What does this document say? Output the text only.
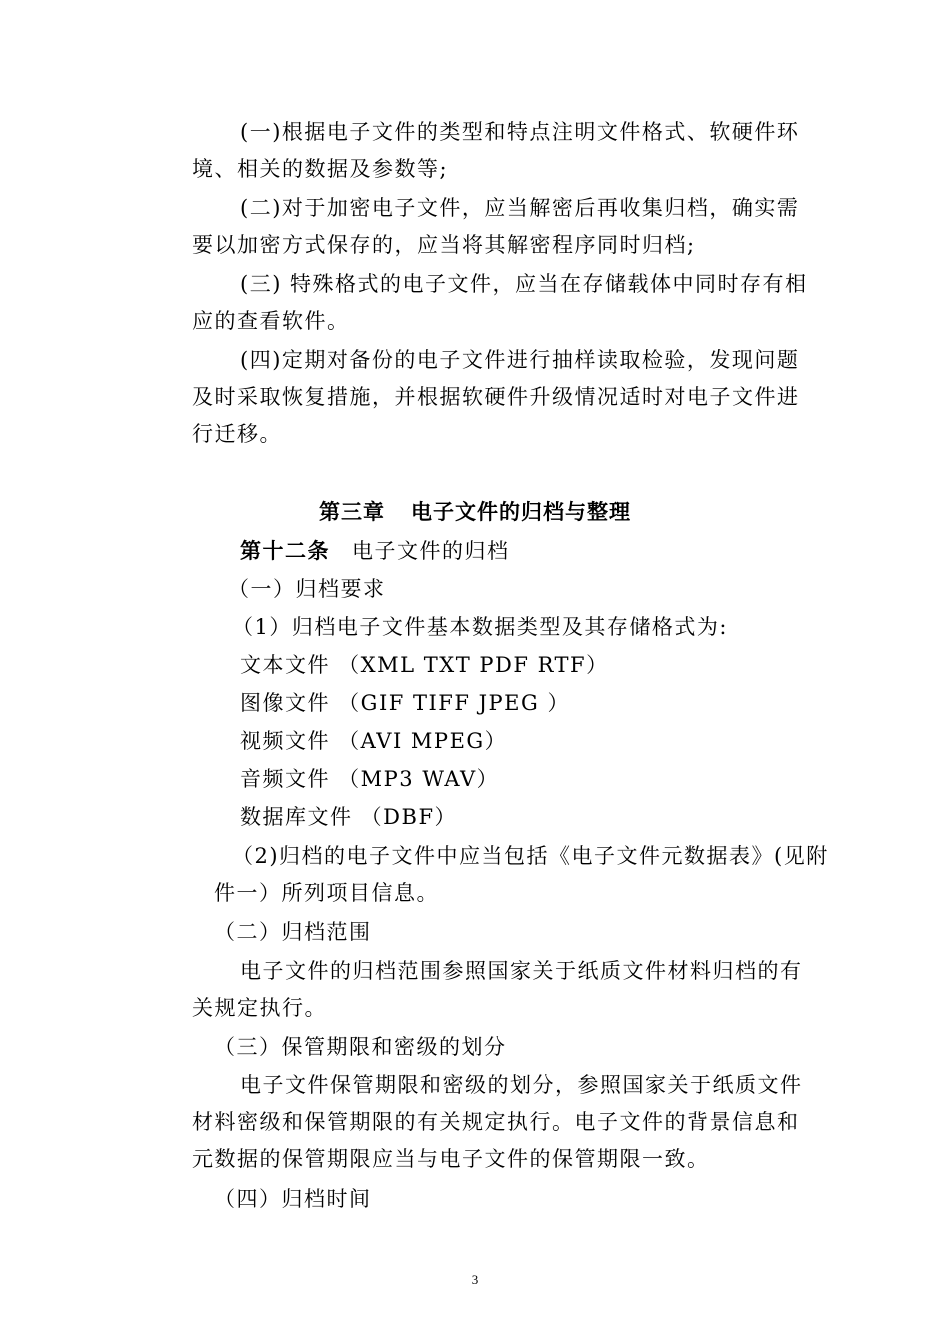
(一)根据电子文件的类型和特点注明文件格式、软硬件环
境、相关的数据及参数等;
(二)对于加密电子文件，应当解密后再收集归档，确实需
要以加密方式保存的，应当将其解密程序同时归档;
(三) 特殊格式的电子文件，应当在存储载体中同时存有相
应的查看软件。
(四)定期对备份的电子文件进行抽样读取检验，发现问题
及时采取恢复措施，并根据软硬件升级情况适时对电子文件进
行迁移。
第三章 电子文件的归档与整理
第十二条 电子文件的归档
（一）归档要求
（1）归档电子文件基本数据类型及其存储格式为:
文本文件 （XML TXT PDF RTF）
图像文件 （GIF TIFF JPEG ）
视频文件 （AVI MPEG）
音频文件 （MP3 WAV）
数据库文件 （DBF）
（2)归档的电子文件中应当包括《电子文件元数据表》(见附
件一）所列项目信息。
（二）归档范围
电子文件的归档范围参照国家关于纸质文件材料归档的有
关规定执行。
（三）保管期限和密级的划分
电子文件保管期限和密级的划分，参照国家关于纸质文件
材料密级和保管期限的有关规定执行。电子文件的背景信息和
元数据的保管期限应当与电子文件的保管期限一致。
（四）归档时间
3
